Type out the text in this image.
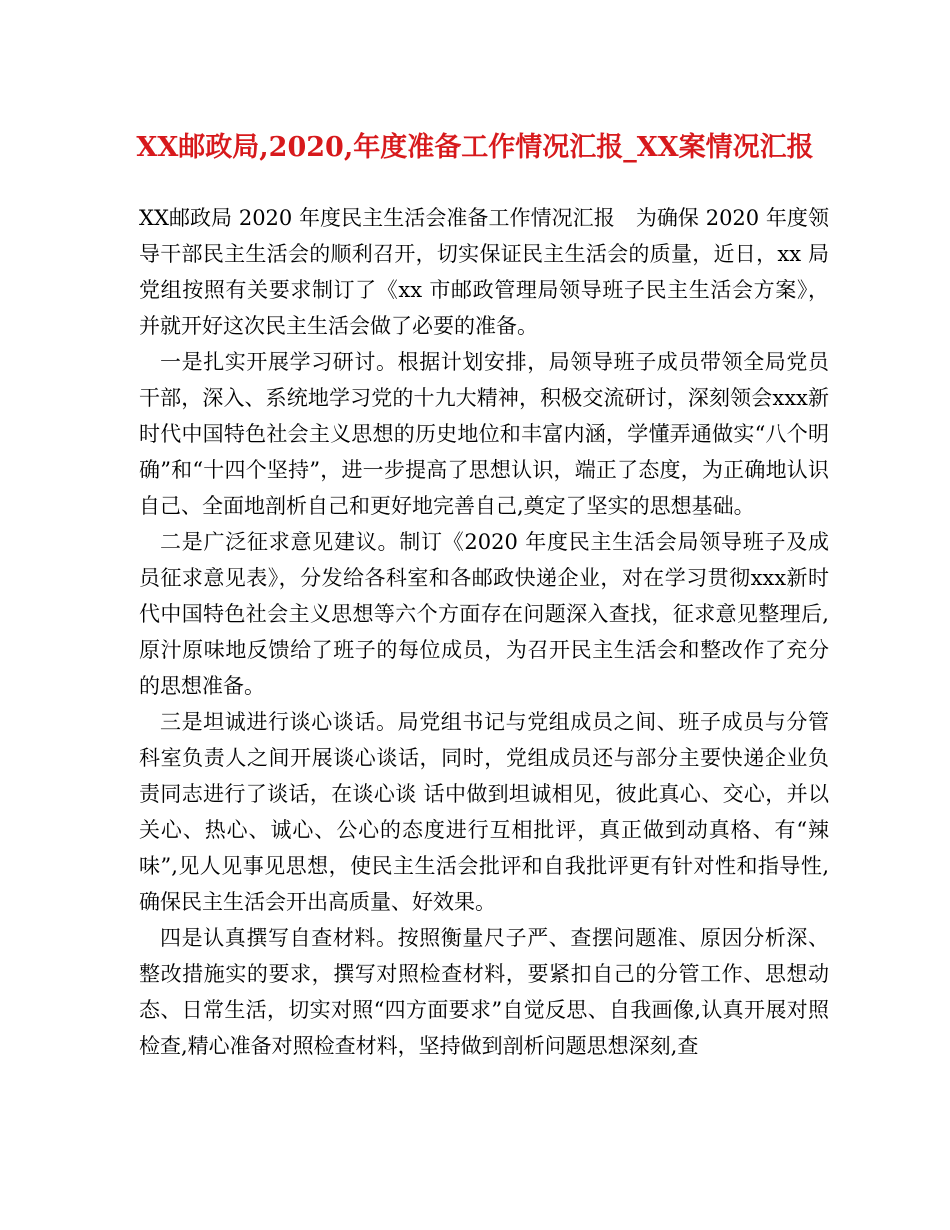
XX邮政局,2020,年度准备工作情况汇报_XX案情况汇报

XX邮政局 2020 年度民主生活会准备工作情况汇报　为确保 2020 年度领导干部民主生活会的顺利召开，切实保证民主生活会的质量，近日，xx 局党组按照有关要求制订了《xx 市邮政管理局领导班子民主生活会方案》，并就开好这次民主生活会做了必要的准备。

一是扎实开展学习研讨。根据计划安排，局领导班子成员带领全局党员干部，深入、系统地学习党的十九大精神，积极交流研讨，深刻领会xxx新时代中国特色社会主义思想的历史地位和丰富内涵，学懂弄通做实“八个明确”和“十四个坚持”，进一步提高了思想认识，端正了态度，为正确地认识自己、全面地剖析自己和更好地完善自己,奠定了坚实的思想基础。

二是广泛征求意见建议。制订《2020 年度民主生活会局领导班子及成员征求意见表》，分发给各科室和各邮政快递企业，对在学习贯彻xxx新时代中国特色社会主义思想等六个方面存在问题深入查找，征求意见整理后,原汁原味地反馈给了班子的每位成员，为召开民主生活会和整改作了充分的思想准备。

三是坦诚进行谈心谈话。局党组书记与党组成员之间、班子成员与分管科室负责人之间开展谈心谈话，同时，党组成员还与部分主要快递企业负责同志进行了谈话，在谈心谈 话中做到坦诚相见，彼此真心、交心，并以关心、热心、诚心、公心的态度进行互相批评，真正做到动真格、有“辣味”,见人见事见思想，使民主生活会批评和自我批评更有针对性和指导性,确保民主生活会开出高质量、好效果。

四是认真撰写自查材料。按照衡量尺子严、查摆问题准、原因分析深、整改措施实的要求，撰写对照检查材料，要紧扣自己的分管工作、思想动态、日常生活，切实对照“四方面要求”自觉反思、自我画像,认真开展对照检查,精心准备对照检查材料，坚持做到剖析问题思想深刻,查
